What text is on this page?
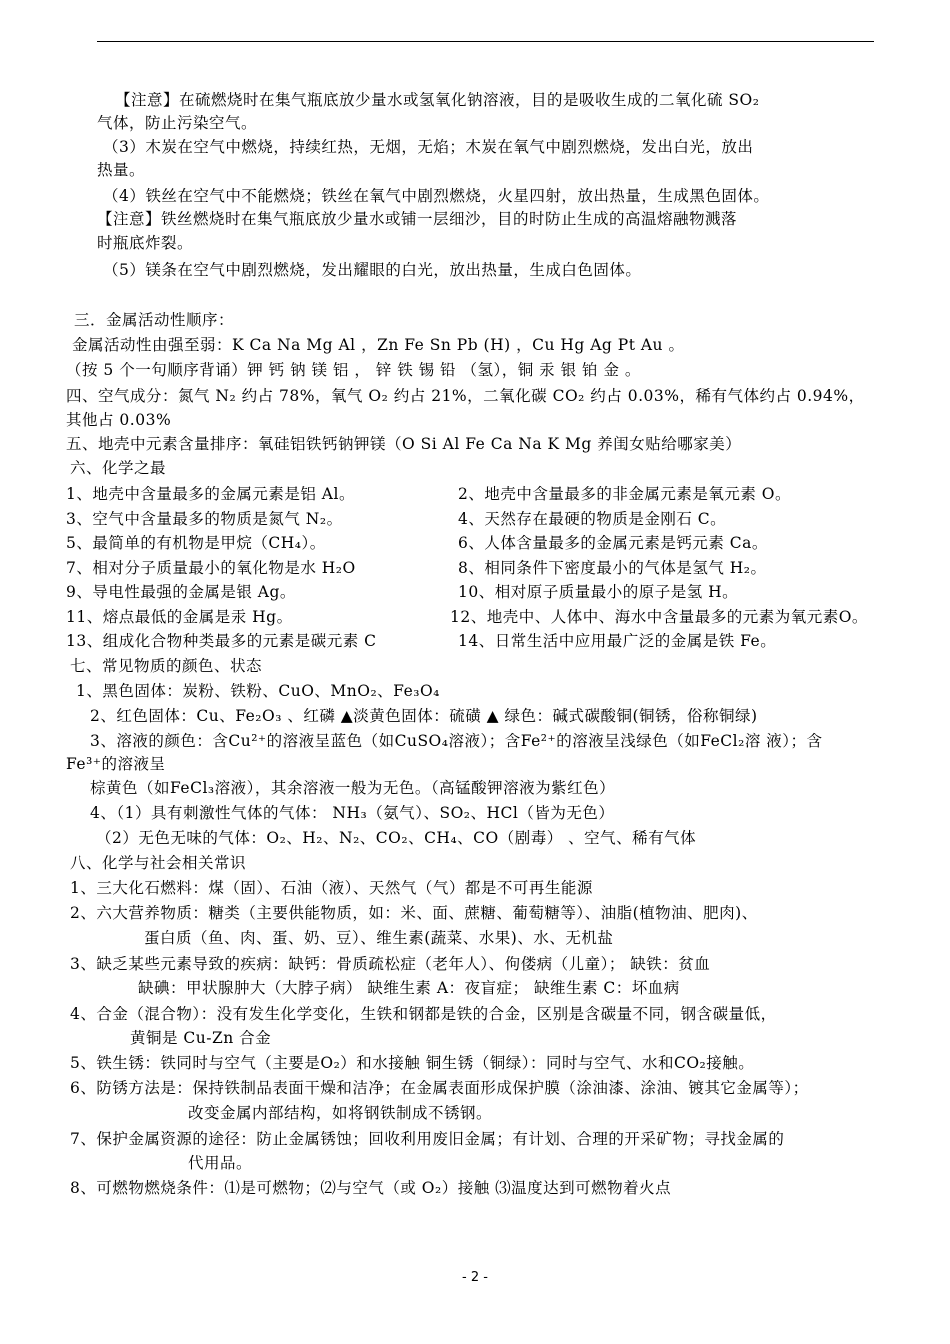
【注意】在硫燃烧时在集气瓶底放少量水或氢氧化钠溶液，目的是吸收生成的二氧化硫 SO₂
气体，防止污染空气。
（3）木炭在空气中燃烧，持续红热，无烟，无焰；木炭在氧气中剧烈燃烧，发出白光，放出
热量。
（4）铁丝在空气中不能燃烧；铁丝在氧气中剧烈燃烧，火星四射，放出热量，生成黑色固体。
【注意】铁丝燃烧时在集气瓶底放少量水或铺一层细沙，目的时防止生成的高温熔融物溅落
时瓶底炸裂。
（5）镁条在空气中剧烈燃烧，发出耀眼的白光，放出热量，生成白色固体。
三．金属活动性顺序：
金属活动性由强至弱：K Ca Na Mg Al ，Zn Fe Sn Pb (H) ，Cu Hg Ag Pt Au 。
（按 5 个一句顺序背诵）钾 钙 钠 镁 铝 ， 锌 铁 锡 铅 （氢），铜 汞 银 铂 金 。
四、空气成分：氮气 N₂ 约占 78%，氧气 O₂ 约占 21%，二氧化碳 CO₂ 约占 0.03%，稀有气体约占 0.94%，
其他占 0.03%
五、地壳中元素含量排序：氧硅铝铁钙钠钾镁（O Si Al Fe Ca Na K Mg 养闺女贴给哪家美）
六、化学之最
1、地壳中含量最多的金属元素是铝 Al。	2、地壳中含量最多的非金属元素是氧元素 O。
3、空气中含量最多的物质是氮气 N₂。	4、天然存在最硬的物质是金刚石 C。
5、最简单的有机物是甲烷（CH₄）。	6、人体含量最多的金属元素是钙元素 Ca。
7、相对分子质量最小的氧化物是水 H₂O	8、相同条件下密度最小的气体是氢气 H₂。
9、导电性最强的金属是银 Ag。	10、相对原子质量最小的原子是氢 H。
11、熔点最低的金属是汞 Hg。	12、地壳中、人体中、海水中含量最多的元素为氧元素O。
13、组成化合物种类最多的元素是碳元素 C	14、日常生活中应用最广泛的金属是铁 Fe。
七、常见物质的颜色、状态
1、黑色固体：炭粉、铁粉、CuO、MnO₂、Fe₃O₄
2、红色固体：Cu、Fe₂O₃ 、红磷 ▲淡黄色固体：硫磺 ▲ 绿色：碱式碳酸铜(铜锈，俗称铜绿)
3、溶液的颜色：含Cu²⁺的溶液呈蓝色（如CuSO₄溶液）；含Fe²⁺的溶液呈浅绿色（如FeCl₂溶 液）；含
Fe³⁺的溶液呈
棕黄色（如FeCl₃溶液），其余溶液一般为无色。（高锰酸钾溶液为紫红色）
4、（1）具有刺激性气体的气体： NH₃（氨气）、SO₂、HCl（皆为无色）
（2）无色无味的气体：O₂、H₂、N₂、CO₂、CH₄、CO（剧毒） 、空气、稀有气体
八、化学与社会相关常识
1、三大化石燃料：煤（固）、石油（液）、天然气（气）都是不可再生能源
2、六大营养物质：糖类（主要供能物质，如：米、面、蔗糖、葡萄糖等）、油脂(植物油、肥肉)、
蛋白质（鱼、肉、蛋、奶、豆）、维生素(蔬菜、水果)、水、无机盐
3、缺乏某些元素导致的疾病：缺钙：骨质疏松症（老年人）、佝偻病（儿童）； 缺铁：贫血
缺碘：甲状腺肿大（大脖子病） 缺维生素 A：夜盲症； 缺维生素 C：坏血病
4、合金（混合物）：没有发生化学变化，生铁和钢都是铁的合金，区别是含碳量不同，钢含碳量低，
黄铜是 Cu-Zn 合金
5、铁生锈：铁同时与空气（主要是O₂）和水接触 铜生锈（铜绿）：同时与空气、水和CO₂接触。
6、防锈方法是：保持铁制品表面干燥和洁净；在金属表面形成保护膜（涂油漆、涂油、镀其它金属等）；
改变金属内部结构，如将钢铁制成不锈钢。
7、保护金属资源的途径：防止金属锈蚀；回收利用废旧金属；有计划、合理的开采矿物；寻找金属的
代用品。
8、可燃物燃烧条件：⑴是可燃物；⑵与空气（或 O₂）接触 ⑶温度达到可燃物着火点
- 2 -
